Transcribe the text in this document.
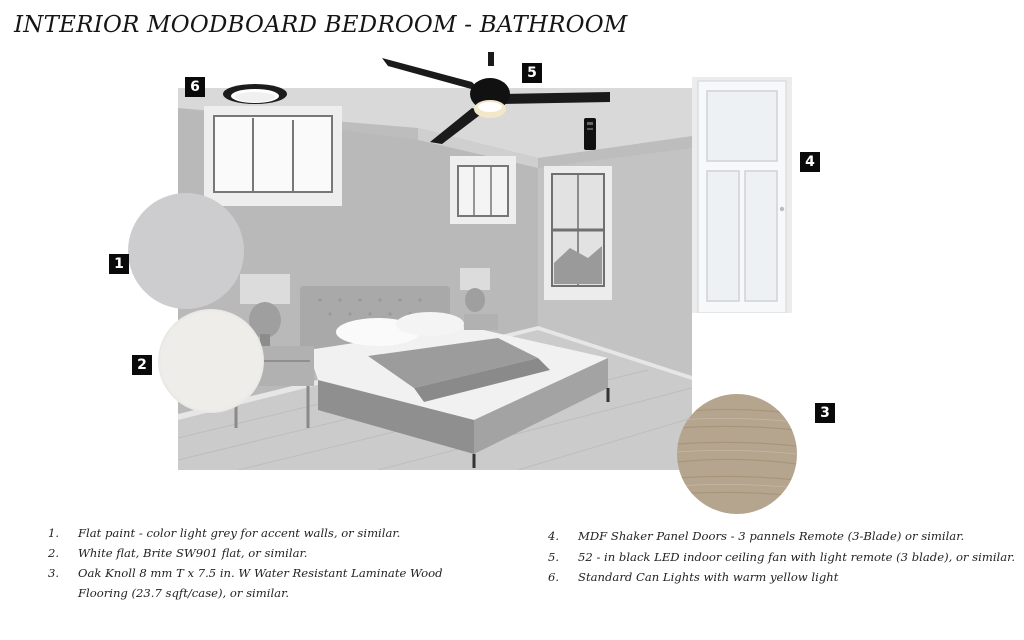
INTERIOR MOODBOARD BEDROOM - BATHROOM
6
5
4
1
2
3
1.	Flat paint - color light grey for accent walls, or similar.
2.	White flat, Brite SW901 flat, or similar.
3.	Oak Knoll 8 mm T x 7.5 in. W Water Resistant Laminate Wood Flooring (23.7 sqft/case), or similar.
4.	MDF Shaker Panel Doors - 3 pannels Remote (3-Blade) or similar.
5.	52 - in black LED indoor ceiling fan with light remote (3 blade), or similar.
6.	Standard Can Lights with warm yellow light
